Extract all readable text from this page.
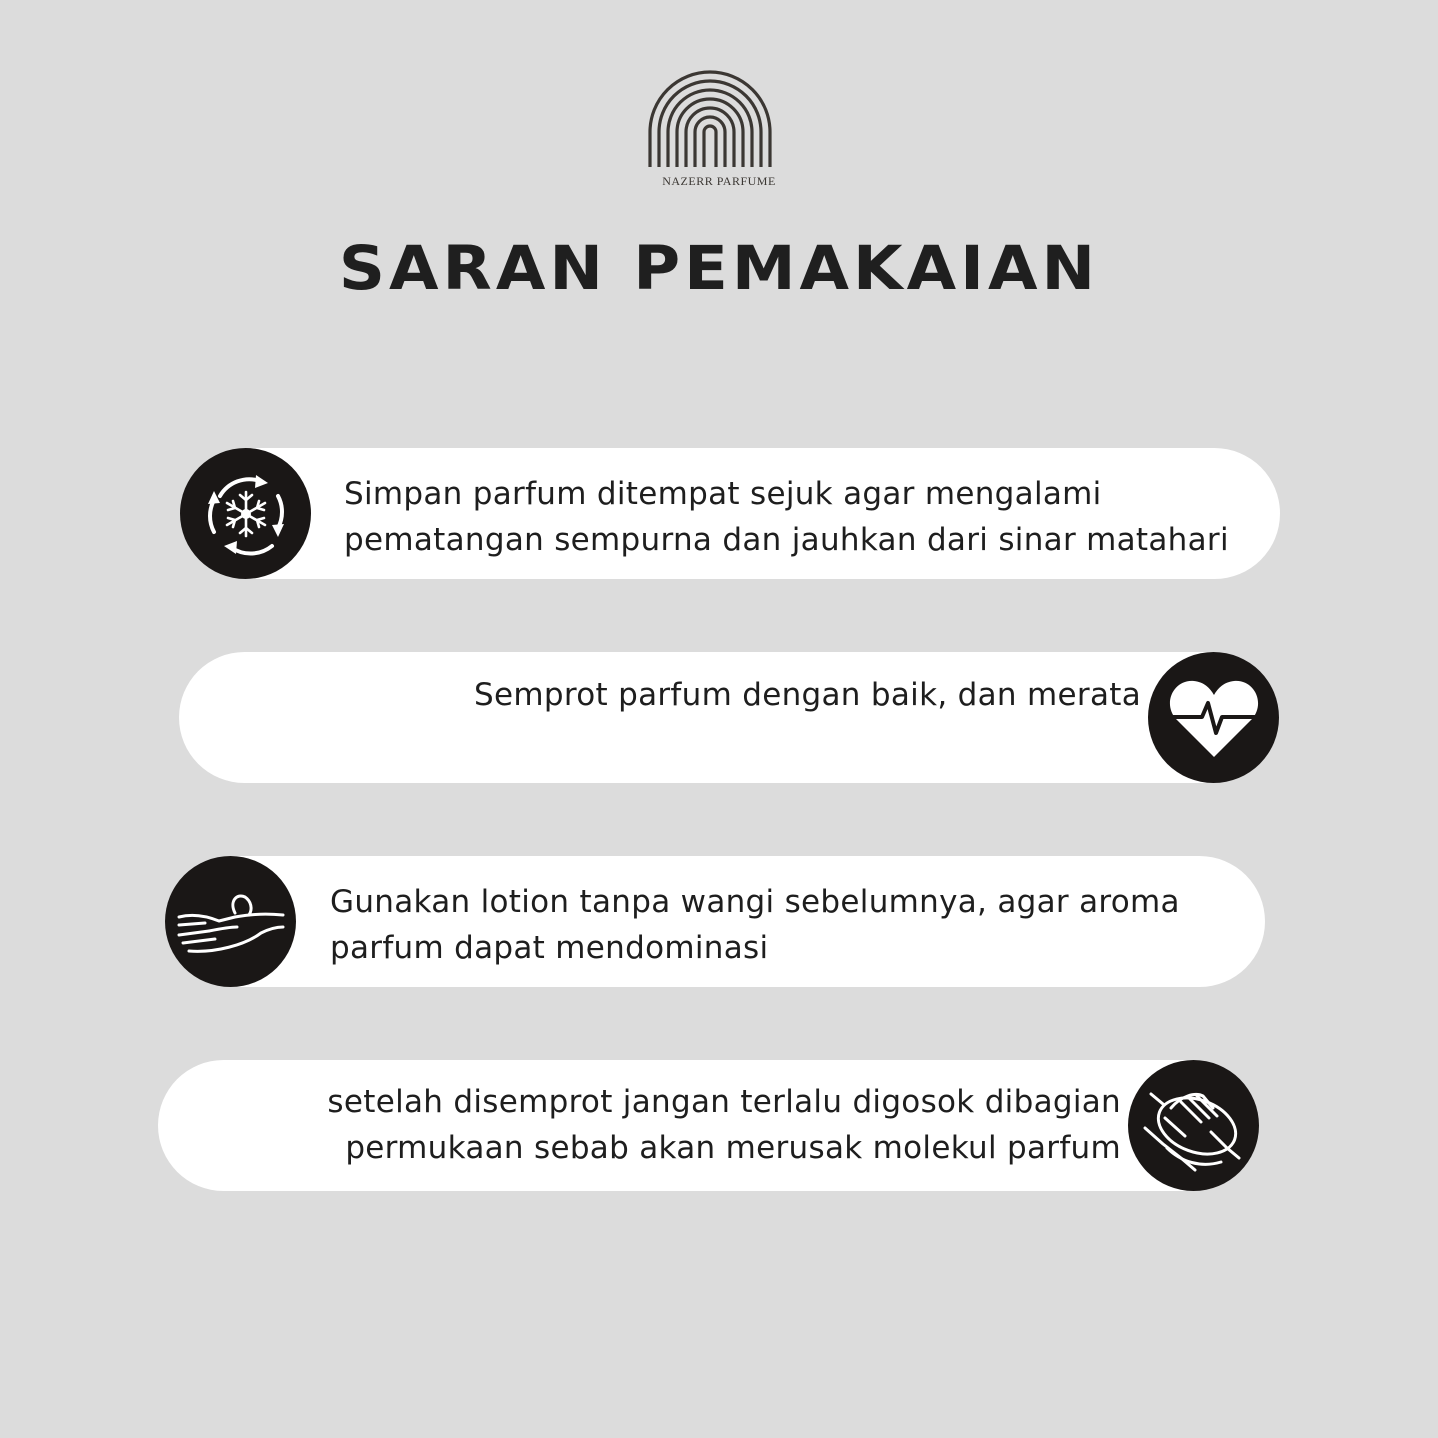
NAZERR PARFUME
SARAN PEMAKAIAN
Simpan parfum ditempat sejuk agar mengalami
pematangan sempurna dan jauhkan dari sinar matahari
Semprot parfum dengan baik, dan merata
Gunakan lotion tanpa wangi sebelumnya, agar aroma
parfum dapat mendominasi
setelah disemprot jangan terlalu digosok dibagian
permukaan sebab akan merusak molekul parfum
